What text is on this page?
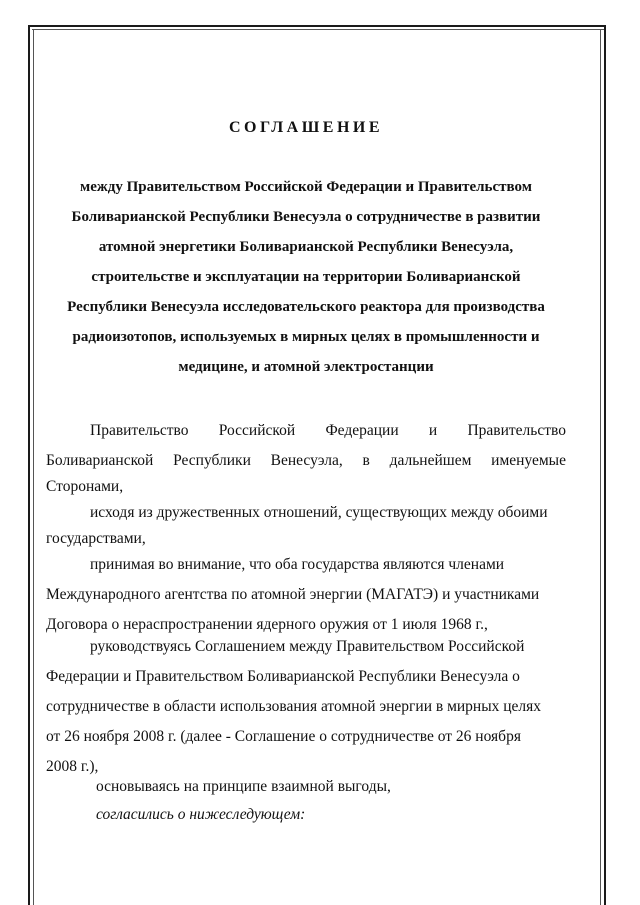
СОГЛАШЕНИЕ
между Правительством Российской Федерации и Правительством
Боливарианской Республики Венесуэла о сотрудничестве в развитии
атомной энергетики Боливарианской Республики Венесуэла,
строительстве и эксплуатации на территории Боливарианской
Республики Венесуэла исследовательского реактора для производства
радиоизотопов, используемых в мирных целях в промышленности и
медицине, и атомной электростанции
Правительство Российской Федерации и Правительство
Боливарианской Республики Венесуэла, в дальнейшем именуемые
Сторонами,
исходя из дружественных отношений, существующих между обоими
государствами,
принимая во внимание, что оба государства являются членами
Международного агентства по атомной энергии (МАГАТЭ) и участниками
Договора о нераспространении ядерного оружия от 1 июля 1968 г.,
руководствуясь Соглашением между Правительством Российской
Федерации и Правительством Боливарианской Республики Венесуэла о
сотрудничестве в области использования атомной энергии в мирных целях
от 26 ноября 2008 г. (далее - Соглашение о сотрудничестве от 26 ноября
2008 г.),
основываясь на принципе взаимной выгоды,
согласились о нижеследующем:
